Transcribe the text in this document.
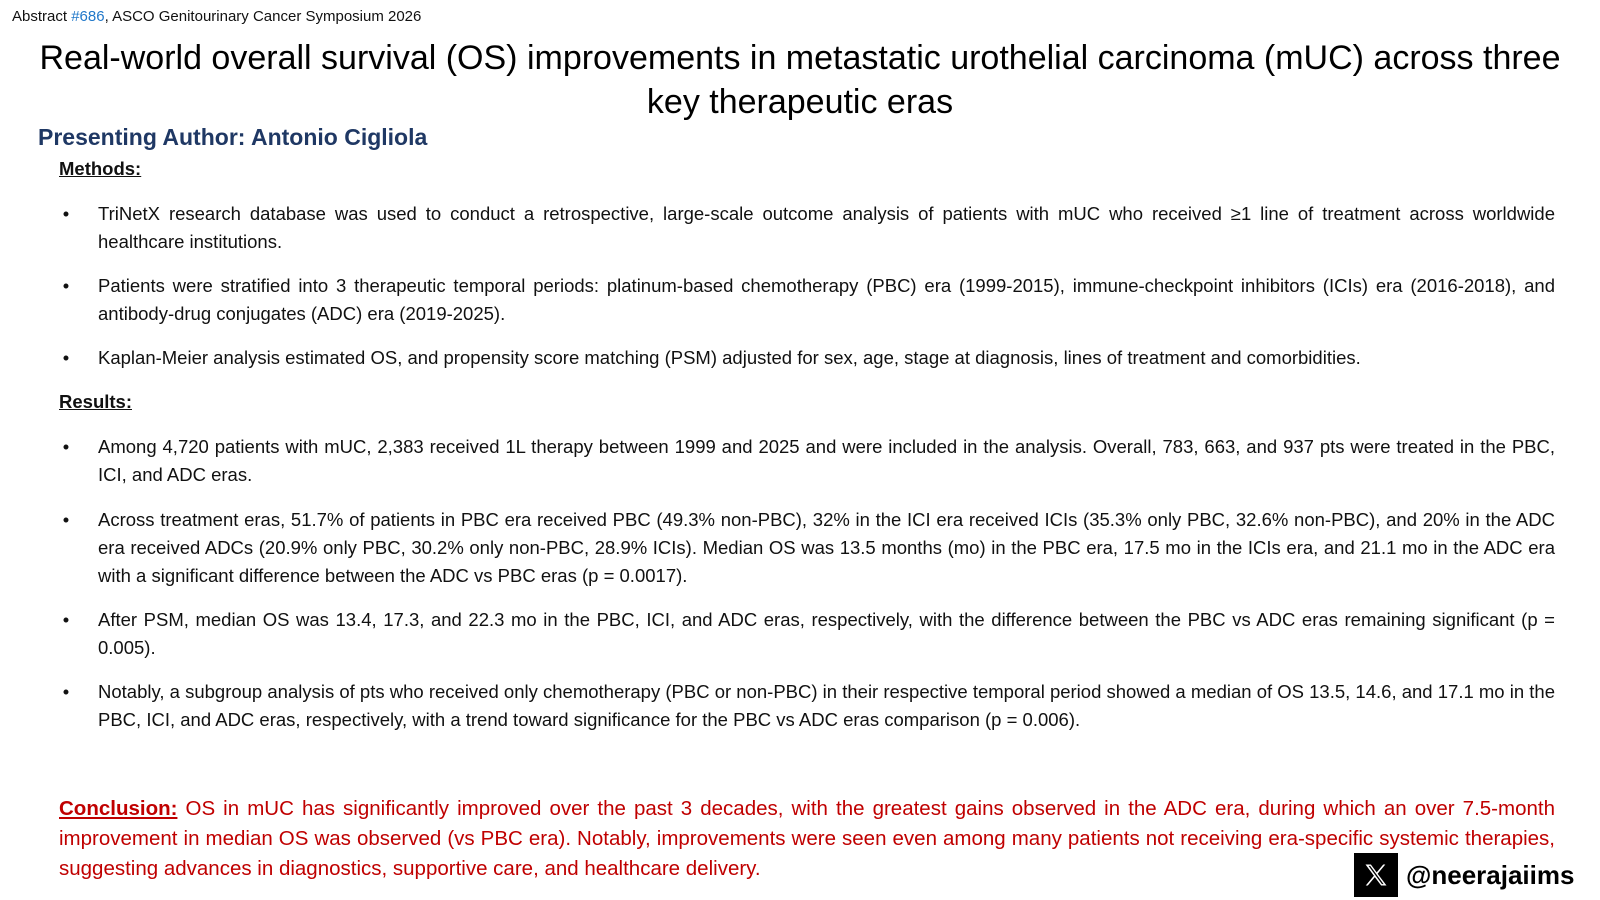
Abstract #686, ASCO Genitourinary Cancer Symposium 2026
Real-world overall survival (OS) improvements in metastatic urothelial carcinoma (mUC) across three key therapeutic eras
Presenting Author: Antonio Cigliola
Methods:
• TriNetX research database was used to conduct a retrospective, large-scale outcome analysis of patients with mUC who received ≥1 line of treatment across worldwide healthcare institutions.
• Patients were stratified into 3 therapeutic temporal periods: platinum-based chemotherapy (PBC) era (1999-2015), immune-checkpoint inhibitors (ICIs) era (2016-2018), and antibody-drug conjugates (ADC) era (2019-2025).
• Kaplan-Meier analysis estimated OS, and propensity score matching (PSM) adjusted for sex, age, stage at diagnosis, lines of treatment and comorbidities.
Results:
• Among 4,720 patients with mUC, 2,383 received 1L therapy between 1999 and 2025 and were included in the analysis. Overall, 783, 663, and 937 pts were treated in the PBC, ICI, and ADC eras.
• Across treatment eras, 51.7% of patients in PBC era received PBC (49.3% non-PBC), 32% in the ICI era received ICIs (35.3% only PBC, 32.6% non-PBC), and 20% in the ADC era received ADCs (20.9% only PBC, 30.2% only non-PBC, 28.9% ICIs). Median OS was 13.5 months (mo) in the PBC era, 17.5 mo in the ICIs era, and 21.1 mo in the ADC era with a significant difference between the ADC vs PBC eras (p = 0.0017).
• After PSM, median OS was 13.4, 17.3, and 22.3 mo in the PBC, ICI, and ADC eras, respectively, with the difference between the PBC vs ADC eras remaining significant (p = 0.005).
• Notably, a subgroup analysis of pts who received only chemotherapy (PBC or non-PBC) in their respective temporal period showed a median of OS 13.5, 14.6, and 17.1 mo in the PBC, ICI, and ADC eras, respectively, with a trend toward significance for the PBC vs ADC eras comparison (p = 0.006).
Conclusion: OS in mUC has significantly improved over the past 3 decades, with the greatest gains observed in the ADC era, during which an over 7.5-month improvement in median OS was observed (vs PBC era). Notably, improvements were seen even among many patients not receiving era-specific systemic therapies, suggesting advances in diagnostics, supportive care, and healthcare delivery.	@neerajaiims
